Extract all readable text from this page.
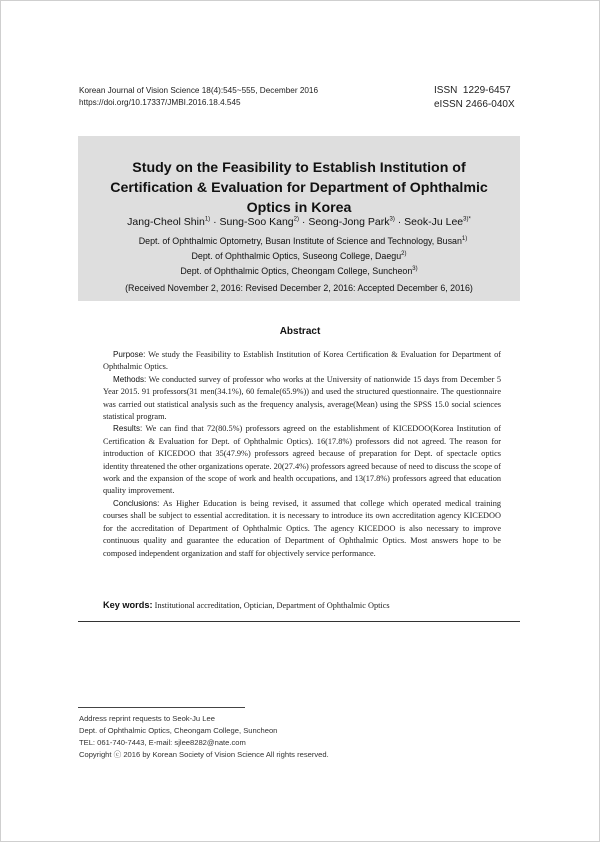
Korean Journal of Vision Science 18(4):545~555, December 2016
https://doi.org/10.17337/JMBI.2016.18.4.545
ISSN  1229-6457
eISSN 2466-040X
Study on the Feasibility to Establish Institution of
Certification & Evaluation for Department of Ophthalmic
Optics in Korea
Jang-Cheol Shin$^{1)}$ · Sung-Soo Kang$^{2)}$ · Seong-Jong Park$^{3)}$ · Seok-Ju Lee$^{3)*}$
Dept. of Ophthalmic Optometry, Busan Institute of Science and Technology, Busan$^{1)}$
Dept. of Ophthalmic Optics, Suseong College, Daegu$^{2)}$
Dept. of Ophthalmic Optics, Cheongam College, Suncheon$^{3)}$
(Received November 2, 2016: Revised December 2, 2016: Accepted December 6, 2016)
Abstract

Purpose: We study the Feasibility to Establish Institution of Korea Certification & Evaluation for Department of Ophthalmic Optics.

Methods: We conducted survey of professor who works at the University of nationwide 15 days from December 5 Year 2015. 91 professors(31 men(34.1%), 60 female(65.9%)) and used the structured questionnaire. The questionnaire was carried out statistical analysis such as the frequency analysis, average(Mean) using the SPSS 15.0 social sciences statistical program.

Results: We can find that 72(80.5%) professors agreed on the establishment of KICEDOO(Korea Institution of Certification & Evaluation for Dept. of Ophthalmic Optics). 16(17.8%) professors did not agreed. The reason for introduction of KICEDOO that 35(47.9%) professors agreed because of preparation for Dept. of spectacle optics identity threatened the other organizations operate. 20(27.4%) professors agreed because of need to discuss the scope of work and the expansion of the scope of work and health occupations, and 13(17.8%) professors agreed that education quality improvement.

Conclusions: As Higher Education is being revised, it assumed that college which operated medical training courses shall be subject to essential accreditation. it is necessary to introduce its own accreditation agency KICEDOO for the accreditation of Department of Ophthalmic Optics. The agency KICEDOO is also necessary to improve continuous quality and guarantee the education of Department of Ophthalmic Optics. Most answers hope to be composed independent organization and staff for objectively service performance.

Key words: Institutional accreditation, Optician, Department of Ophthalmic Optics
Address reprint requests to Seok-Ju Lee
Dept. of Ophthalmic Optics, Cheongam College, Suncheon
TEL: 061-740-7443, E-mail: sjlee8282@nate.com
Copyright ⓒ 2016 by Korean Society of Vision Science All rights reserved.
